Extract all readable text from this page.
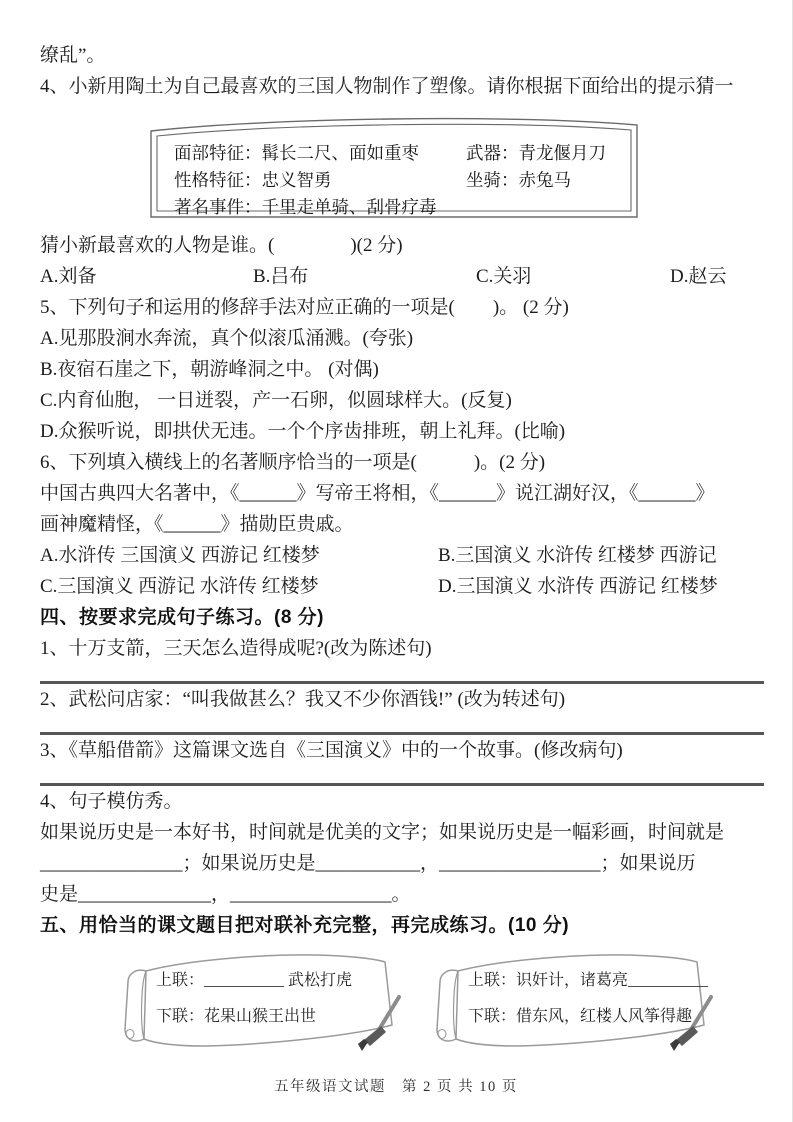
缭乱”。

4、小新用陶土为自己最喜欢的三国人物制作了塑像。请你根据下面给出的提示猜一

面部特征：髯长二尺、面如重枣
性格特征：忠义智勇
著名事件：千里走单骑、刮骨疗毒
武器：青龙偃月刀
坐骑：赤兔马

猜小新最喜欢的人物是谁。(　　　　)(2 分)

A.刘备	B.吕布	C.关羽	D.赵云

5、下列句子和运用的修辞手法对应正确的一项是(　　)。 (2 分)

A.见那股涧水奔流，真个似滚瓜涌溅。(夸张)

B.夜宿石崖之下，朝游峰洞之中。 (对偶)

C.内育仙胞， 一日迸裂，产一石卵，似圆球样大。(反复)

D.众猴听说，即拱伏无违。一个个序齿排班，朝上礼拜。(比喻)

6、下列填入横线上的名著顺序恰当的一项是(　　　)。(2 分)

中国古典四大名著中，《______》写帝王将相，《______》说江湖好汉，《______》

画神魔精怪，《______》描勋臣贵戚。

A.水浒传 三国演义 西游记 红楼梦	B.三国演义 水浒传 红楼梦 西游记

C.三国演义 西游记 水浒传 红楼梦	D.三国演义 水浒传 西游记 红楼梦

四、按要求完成句子练习。(8 分)

1、十万支箭，三天怎么造得成呢?(改为陈述句)

2、武松问店家：“叫我做甚么？我又不少你酒钱!” (改为转述句)

3、《草船借箭》这篇课文选自《三国演义》中的一个故事。(修改病句)

4、句子模仿秀。

如果说历史是一本好书，时间就是优美的文字；如果说历史是一幅彩画，时间就是

_______________；如果说历史是___________，_________________；如果说历

史是______________，_________________。

五、用恰当的课文题目把对联补充完整，再完成练习。(10 分)

上联：__________ 武松打虎
下联：花果山猴王出世
上联：识奸计，诸葛亮__________
下联：借东风，红楼人风筝得趣
五年级语文试题　第 2 页 共 10 页
